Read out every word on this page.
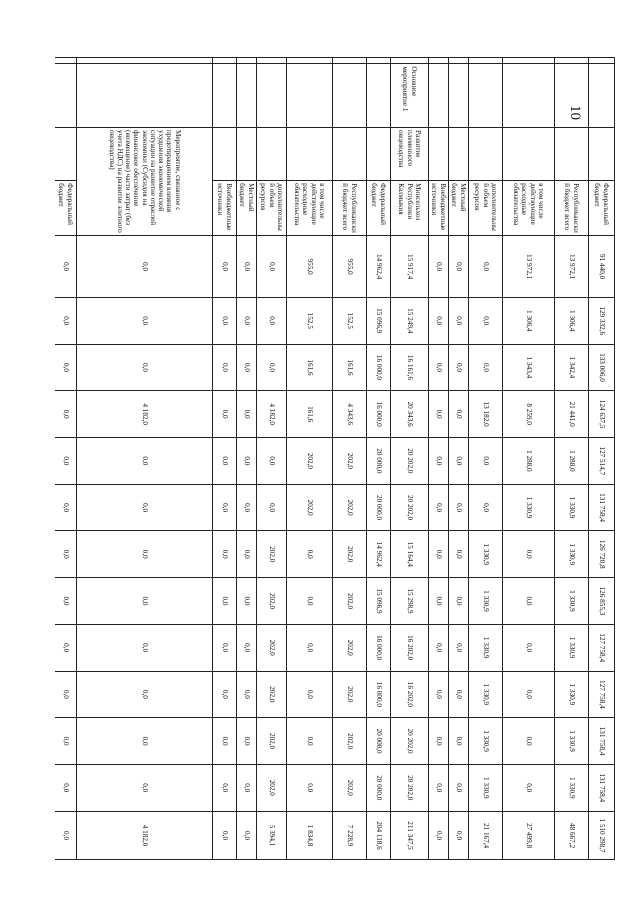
10
			Федеральный бюджет	91 440,0	129 332,6	133 006,0	124 637,5	127 514,7	131 758,4	126 720,8	126 855,3	127 758,4	127 758,4	131 758,4	131 758,4	1 510 298,7
			Республиканский бюджет всего	13 972,1	1 306,4	1 342,4	21 441,0	1 288,0	1 330,9	1 330,9	1 330,9	1 330,9	1 330,9	1 330,9	1 330,9	48 667,2
			в том числе действующие расходные обязательства	13 972,1	1 306,4	1 343,4	8 259,0	1 288,0	1 330,9	0,0	0,0	0,0	0,0	0,0	0,0	27 499,8
			дополнительный объем ресурсов	0,0	0,0	0,0	13 182,0	0,0	0,0	1 330,9	1 330,9	1 330,9	1 330,9	1 330,9	1 330,9	21 167,4
			Местный бюджет	0,0	0,0	0,0	0,0	0,0	0,0	0,0	0,0	0,0	0,0	0,0	0,0	0,0
			Внебюджетные источники	0,0	0,0	0,0	0,0	0,0	0,0	0,0	0,0	0,0	0,0	0,0	0,0	0,0
	Основное мероприятие 1	Развитие племенного овцеводства	Минсельхоз Республики Калмыкия	15 917,4	15 249,4	16 161,6	20 343,6	20 202,0	20 202,0	15 164,4	15 298,9	16 202,0	16 202,0	20 202,0	20 202,0	211 347,5
			Федеральный бюджет	14 962,4	15 096,9	16 000,0	16 000,0	20 000,0	20 000,0	14 962,4	15 096,9	16 000,0	16 000,0	20 000,0	20 000,0	204 118,6
			Республиканский бюджет всего	955,0	152,5	161,6	4 343,6	202,0	202,0	202,0	202,0	202,0	202,0	202,0	202,0	7 228,9
			в том числе действующие расходные обязательства	955,0	152,5	161,6	161,6	202,0	202,0	0,0	0,0	0,0	0,0	0,0	0,0	1 834,8
			дополнительный объем ресурсов	0,0	0,0	0,0	4 182,0	0,0	0,0	202,0	202,0	202,0	202,0	202,0	202,0	5 394,1
			Местный бюджет	0,0	0,0	0,0	0,0	0,0	0,0	0,0	0,0	0,0	0,0	0,0	0,0	0,0
			Внебюджетные источники	0,0	0,0	0,0	0,0	0,0	0,0	0,0	0,0	0,0	0,0	0,0	0,0	0,0
		Мероприятие, связанное с предотвращением влияния ухудшения экономической ситуации на развитие отраслей экономики (Субсидия на финансовое обеспечение (возмещение) части затрат (без учета НДС) на развитие элитного овцеводства)		0,0	0,0	0,0	4 182,0	0,0	0,0	0,0	0,0	0,0	0,0	0,0	0,0	4 182,0
			Федеральный бюджет	0,0	0,0	0,0	0,0	0,0	0,0	0,0	0,0	0,0	0,0	0,0	0,0	0,0
